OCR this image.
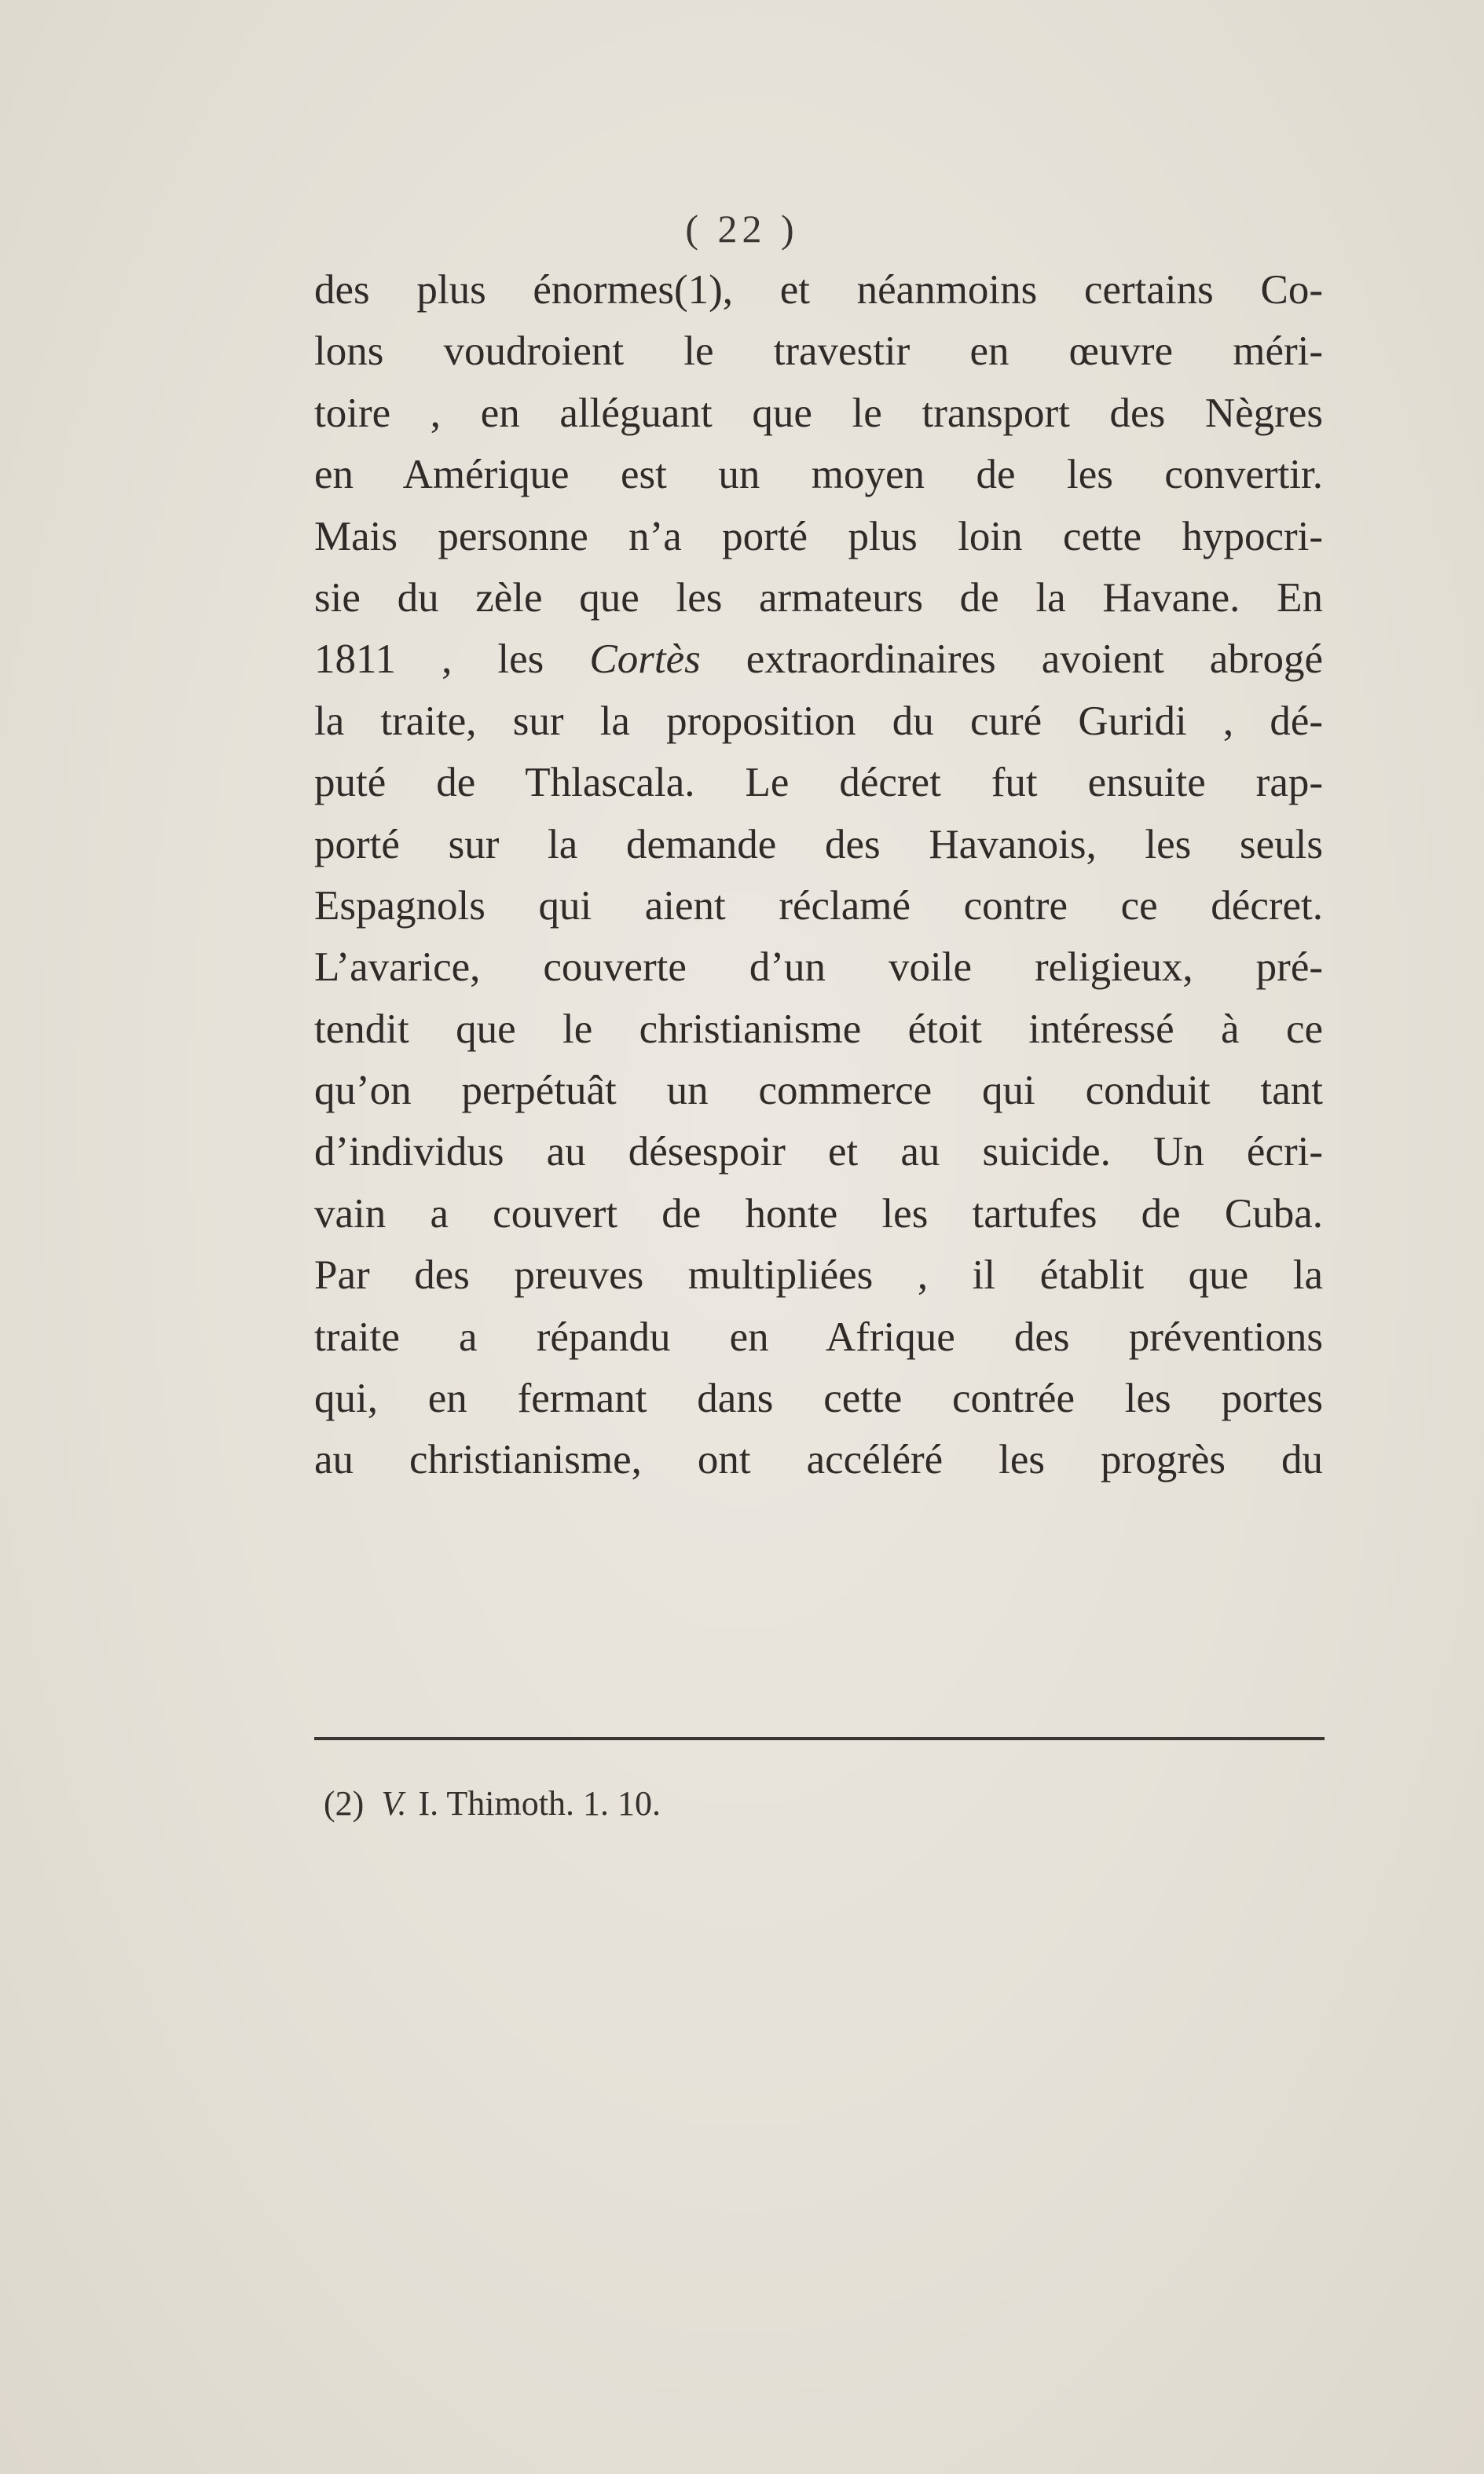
( 22 )
des plus énormes(1), et néanmoins certains Co-
lons voudroient le travestir en œuvre méri-
toire , en alléguant que le transport des Nègres
en Amérique est un moyen de les convertir.
Mais personne n’a porté plus loin cette hypocri-
sie du zèle que les armateurs de la Havane. En
1811 , les Cortès extraordinaires avoient abrogé
la traite, sur la proposition du curé Guridi , dé-
puté de Thlascala. Le décret fut ensuite rap-
porté sur la demande des Havanois, les seuls
Espagnols qui aient réclamé contre ce décret.
L’avarice, couverte d’un voile religieux, pré-
tendit que le christianisme étoit intéressé à ce
qu’on perpétuât un commerce qui conduit tant
d’individus au désespoir et au suicide. Un écri-
vain a couvert de honte les tartufes de Cuba.
Par des preuves multipliées , il établit que la
traite a répandu en Afrique des préventions
qui, en fermant dans cette contrée les portes
au christianisme, ont accéléré les progrès du
(2) V. I. Thimoth. 1. 10.
